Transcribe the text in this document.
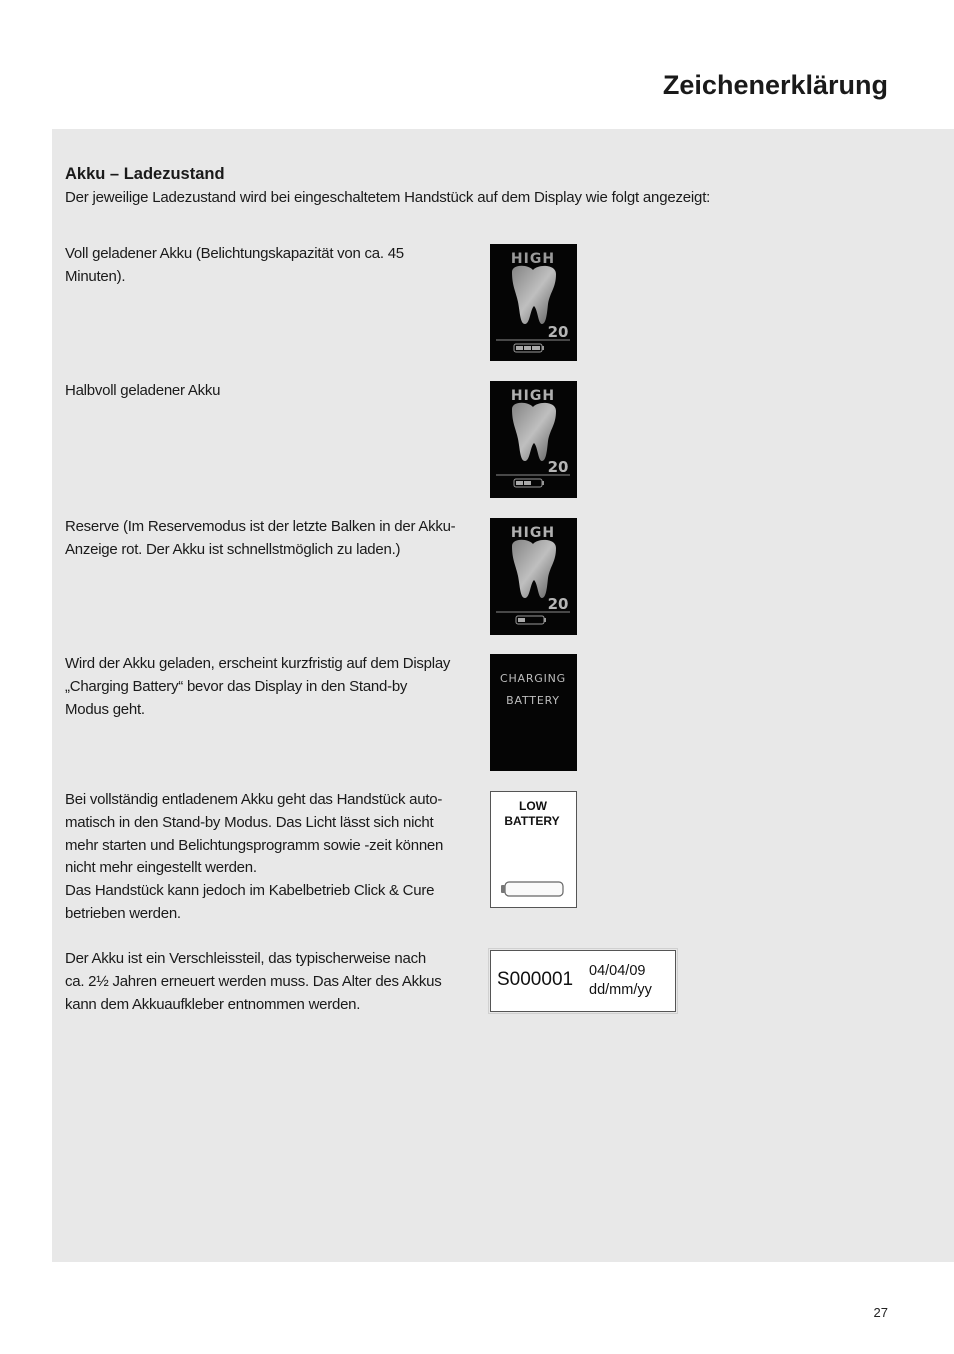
Zeichenerklärung
Akku – Ladezustand
Der jeweilige Ladezustand wird bei eingeschaltetem Handstück auf dem Display wie folgt angezeigt:
Voll geladener Akku (Belichtungskapazität von ca. 45
Minuten).
HIGH
20
Halbvoll geladener Akku	HIGH
20
Reserve (Im Reservemodus ist der letzte Balken in der Akku-
Anzeige rot. Der Akku ist schnellstmöglich zu laden.)
HIGH
20
Wird der Akku geladen, erscheint kurzfristig auf dem Display
„Charging Battery“ bevor das Display in den Stand-by
Modus geht.
CHARGING
BATTERY
Bei vollständig entladenem Akku geht das Handstück auto-
matisch in den Stand-by Modus. Das Licht lässt sich nicht
mehr starten und Belichtungsprogramm sowie -zeit können
nicht mehr eingestellt werden.
Das Handstück kann jedoch im Kabelbetrieb Click & Cure
betrieben werden.
LOW
BATTERY
Der Akku ist ein Verschleissteil, das typischerweise nach
ca. 2½ Jahren erneuert werden muss. Das Alter des Akkus
kann dem Akkuaufkleber entnommen werden.
S000001 04/04/09
dd/mm/yy
27
